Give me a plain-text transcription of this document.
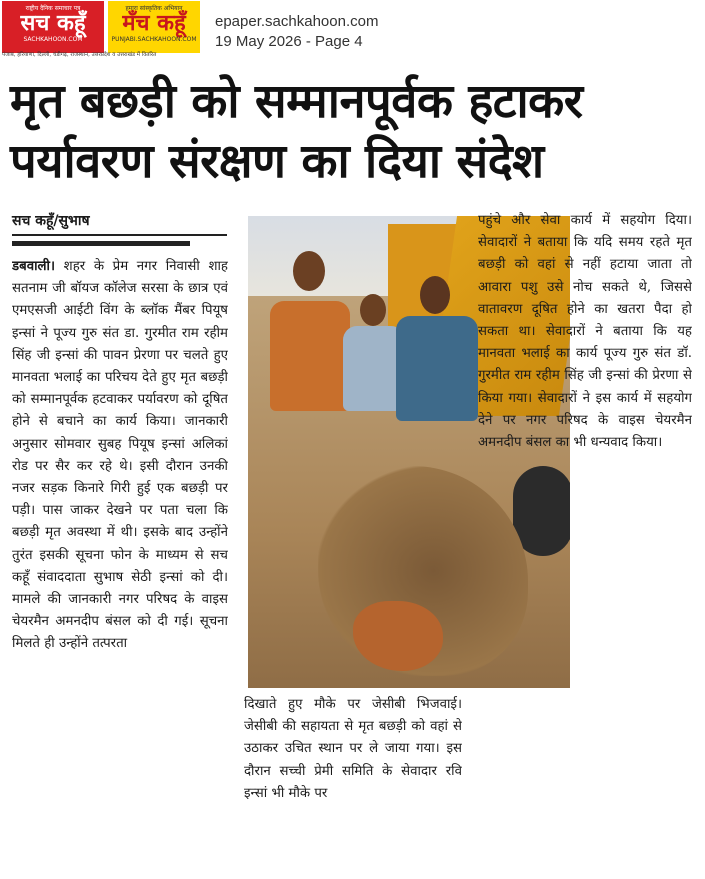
राष्ट्रीय दैनिक समाचार पत्र
सच कहूँ
SACHKAHOON.COM
हमारा सांस्कृतिक अभियान
मँच कहूँ
PUNJABI.SACHKAHOON.COM
पंजाब, हरियाणा, दिल्ली, चंडीगढ़, राजस्थान, उत्तरप्रदेश व उत्तराखंड में वितरित
epaper.sachkahoon.com
19 May 2026 - Page 4
मृत बछड़ी को सम्मानपूर्वक हटाकर
पर्यावरण संरक्षण का दिया संदेश
सच कहूँ/सुभाष
डबवाली। शहर के प्रेम नगर निवासी शाह सतनाम जी बॉयज कॉलेज सरसा के छात्र एवं एमएसजी आईटी विंग के ब्लॉक मैंबर पियूष इन्सां ने पूज्य गुरु संत डा. गुरमीत राम रहीम सिंह जी इन्सां की पावन प्रेरणा पर चलते हुए मानवता भलाई का परिचय देते हुए मृत बछड़ी को सम्मानपूर्वक हटवाकर पर्यावरण को दूषित होने से बचाने का कार्य किया। जानकारी अनुसार सोमवार सुबह पियूष इन्सां अलिकां रोड पर सैर कर रहे थे। इसी दौरान उनकी नजर सड़क किनारे गिरी हुई एक बछड़ी पर पड़ी। पास जाकर देखने पर पता चला कि बछड़ी मृत अवस्था में थी। इसके बाद उन्होंने तुरंत इसकी सूचना फोन के माध्यम से सच कहूँ संवाददाता सुभाष सेठी इन्सां को दी। मामले की जानकारी नगर परिषद के वाइस चेयरमैन अमनदीप बंसल को दी गई। सूचना मिलते ही उन्होंने तत्परता
दिखाते हुए मौके पर जेसीबी भिजवाई। जेसीबी की सहायता से मृत बछड़ी को वहां से उठाकर उचित स्थान पर ले जाया गया। इस दौरान सच्ची प्रेमी समिति के सेवादार रवि इन्सां भी मौके पर
पहुंचे और सेवा कार्य में सहयोग दिया। सेवादारों ने बताया कि यदि समय रहते मृत बछड़ी को वहां से नहीं हटाया जाता तो आवारा पशु उसे नोच सकते थे, जिससे वातावरण दूषित होने का खतरा पैदा हो सकता था। सेवादारों ने बताया कि यह मानवता भलाई का कार्य पूज्य गुरु संत डॉ. गुरमीत राम रहीम सिंह जी इन्सां की प्रेरणा से किया गया। सेवादारों ने इस कार्य में सहयोग देने पर नगर परिषद के वाइस चेयरमैन अमनदीप बंसल का भी धन्यवाद किया।
